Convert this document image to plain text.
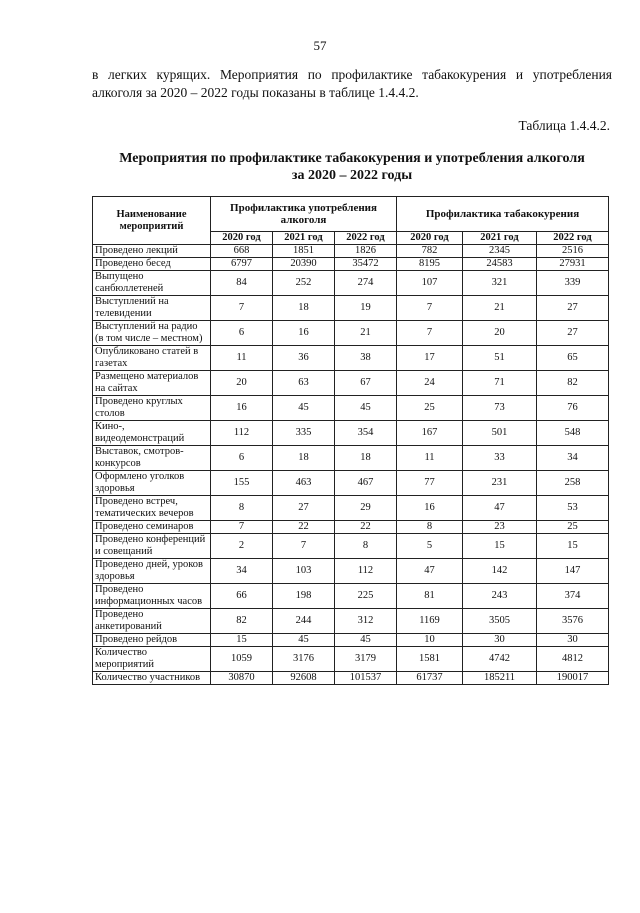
57
в легких курящих. Мероприятия по профилактике табакокурения и употребления алкоголя за 2020 – 2022 годы показаны в таблице 1.4.4.2.
Таблица 1.4.4.2.
Мероприятия по профилактике табакокурения и употребления алкоголя
за 2020 – 2022 годы
Наименование мероприятий	Профилактика употребления алкоголя			Профилактика табакокурения		
	2020 год	2021 год	2022 год	2020 год	2021 год	2022 год
Проведено лекций	668	1851	1826	782	2345	2516
Проведено бесед	6797	20390	35472	8195	24583	27931
Выпущено санбюллетеней	84	252	274	107	321	339
Выступлений на телевидении	7	18	19	7	21	27
Выступлений на радио (в том числе – местном)	6	16	21	7	20	27
Опубликовано статей в газетах	11	36	38	17	51	65
Размещено материалов на сайтах	20	63	67	24	71	82
Проведено круглых столов	16	45	45	25	73	76
Кино-, видеодемонстраций	112	335	354	167	501	548
Выставок, смотров-конкурсов	6	18	18	11	33	34
Оформлено уголков здоровья	155	463	467	77	231	258
Проведено встреч, тематических вечеров	8	27	29	16	47	53
Проведено семинаров	7	22	22	8	23	25
Проведено конференций и совещаний	2	7	8	5	15	15
Проведено дней, уроков здоровья	34	103	112	47	142	147
Проведено информационных часов	66	198	225	81	243	374
Проведено анкетирований	82	244	312	1169	3505	3576
Проведено рейдов	15	45	45	10	30	30
Количество мероприятий	1059	3176	3179	1581	4742	4812
Количество участников	30870	92608	101537	61737	185211	190017
